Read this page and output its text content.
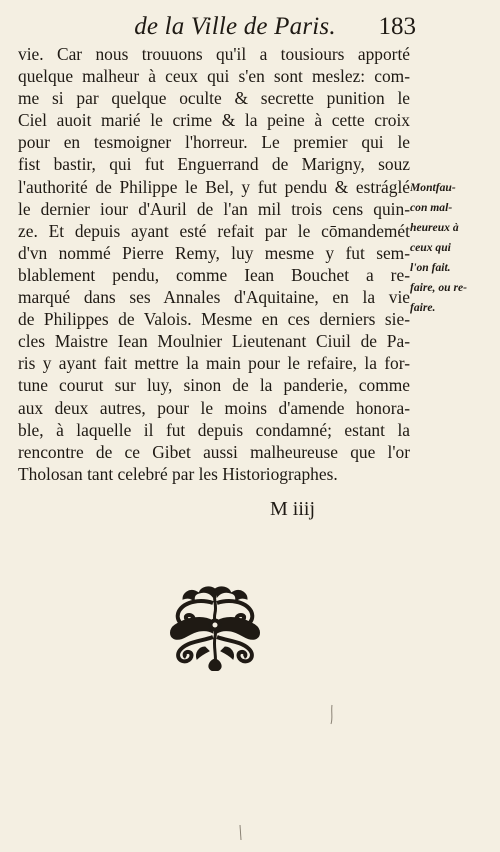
de la Ville de Paris.	183
vie. Car nous trouuons qu'il a tousiours apporté
quelque malheur à ceux qui s'en sont meslez: com-
me si par quelque oculte & secrette punition le
Ciel auoit marié le crime & la peine à cette croix
pour en tesmoigner l'horreur. Le premier qui le
fist bastir, qui fut Enguerrand de Marigny, souz
l'authorité de Philippe le Bel, y fut pendu & estráglé
le dernier iour d'Auril de l'an mil trois cens quin-
ze. Et depuis ayant esté refait par le cōmandemét
d'vn nommé Pierre Remy, luy mesme y fut sem-
blablement pendu, comme Iean Bouchet a re-
marqué dans ses Annales d'Aquitaine, en la vie
de Philippes de Valois. Mesme en ces derniers sie-
cles Maistre Iean Moulnier Lieutenant Ciuil de Pa-
ris y ayant fait mettre la main pour le refaire, la for-
tune courut sur luy, sinon de la panderie, comme
aux deux autres, pour le moins d'amende honora-
ble, à laquelle il fut depuis condamné; estant la
rencontre de ce Gibet aussi malheureuse que l'or
Tholosan tant celebré par les Historiographes.
Montfau-
con mal-
heureux à
ceux qui
l'on fait.
faire, ou re-
faire.
M iiij
